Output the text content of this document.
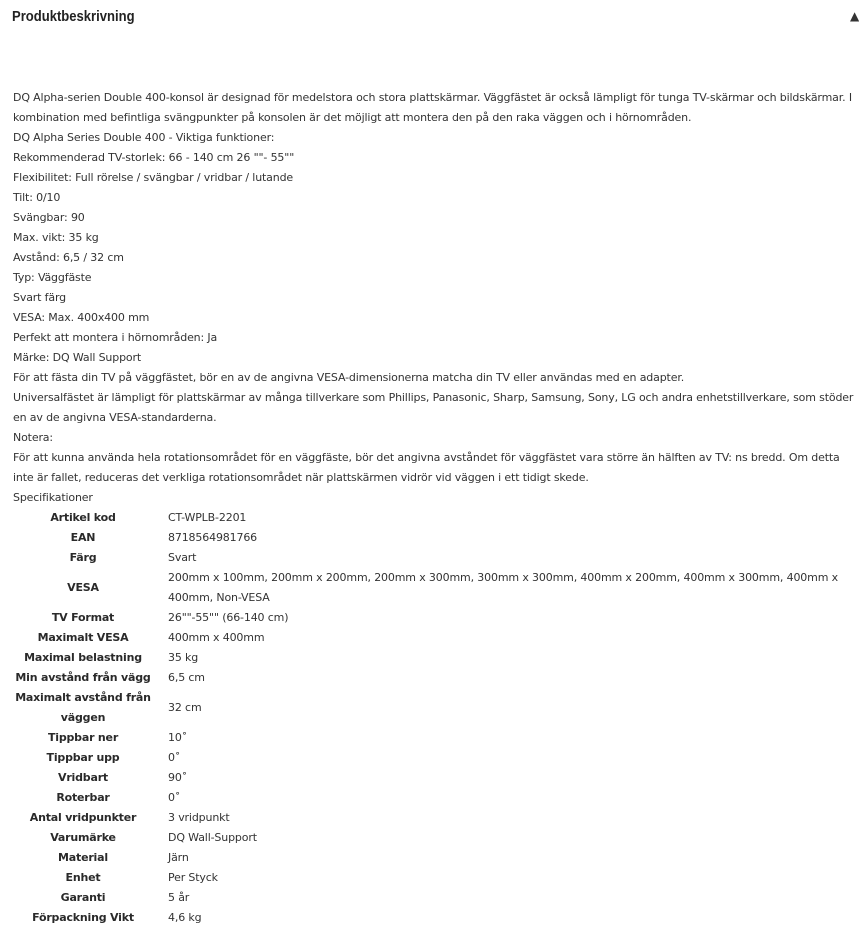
Produktbeskrivning	▲

DQ Alpha-serien Double 400-konsol är designad för medelstora och stora plattskärmar. Väggfästet är också lämpligt för tunga TV-skärmar och bildskärmar. I kombination med befintliga svängpunkter på konsolen är det möjligt att montera den på den raka väggen och i hörnområden.

DQ Alpha Series Double 400 - Viktiga funktioner:

Rekommenderad TV-storlek: 66 - 140 cm 26 ""- 55""

Flexibilitet: Full rörelse / svängbar / vridbar / lutande

Tilt: 0/10

Svängbar: 90

Max. vikt: 35 kg

Avstånd: 6,5 / 32 cm

Typ: Väggfäste

Svart färg

VESA: Max. 400x400 mm

Perfekt att montera i hörnområden: Ja

Märke: DQ Wall Support

För att fästa din TV på väggfästet, bör en av de angivna VESA-dimensionerna matcha din TV eller användas med en adapter.

Universalfästet är lämpligt för plattskärmar av många tillverkare som Phillips, Panasonic, Sharp, Samsung, Sony, LG och andra enhetstillverkare, som stöder en av de angivna VESA-standarderna.

Notera:

För att kunna använda hela rotationsområdet för en väggfäste, bör det angivna avståndet för väggfästet vara större än hälften av TV: ns bredd. Om detta inte är fallet, reduceras det verkliga rotationsområdet när plattskärmen vidrör vid väggen i ett tidigt skede.

Specifikationer

Artikel kod	CT-WPLB-2201
EAN	8718564981766
Färg	Svart
VESA	200mm x 100mm, 200mm x 200mm, 200mm x 300mm, 300mm x 300mm, 400mm x 200mm, 400mm x 300mm, 400mm x 400mm, Non-VESA
TV Format	26""-55"" (66-140 cm)
Maximalt VESA	400mm x 400mm
Maximal belastning	35 kg
Min avstånd från vägg	6,5 cm
Maximalt avstånd från väggen	32 cm
Tippbar ner	10˚
Tippbar upp	0˚
Vridbart	90˚
Roterbar	0˚
Antal vridpunkter	3 vridpunkt
Varumärke	DQ Wall-Support
Material	Järn
Enhet	Per Styck
Garanti	5 år
Förpackning Vikt	4,6 kg
